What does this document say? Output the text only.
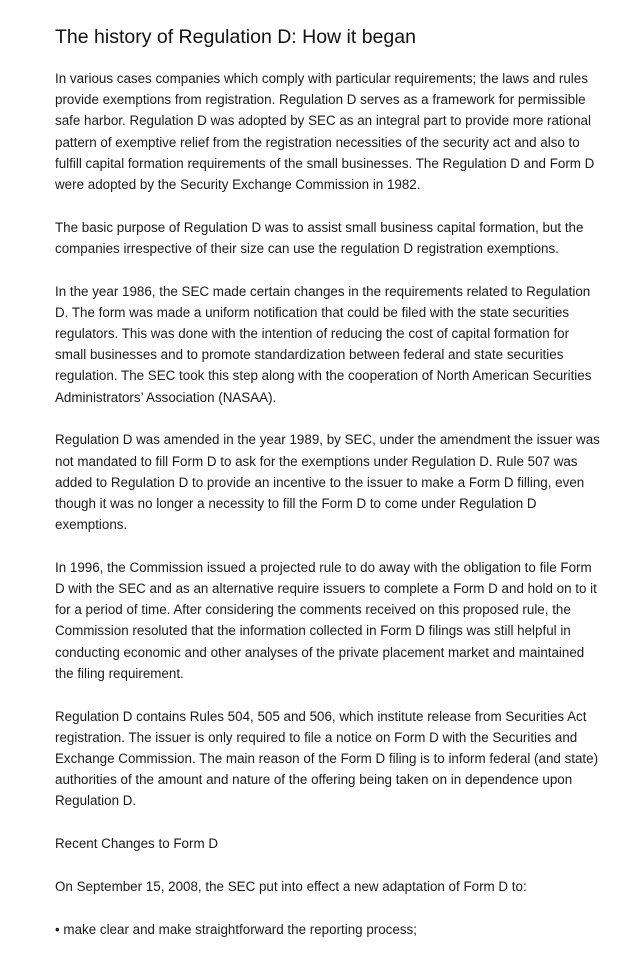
The history of Regulation D: How it began

In various cases companies which comply with particular requirements; the laws and rules provide exemptions from registration. Regulation D serves as a framework for permissible safe harbor. Regulation D was adopted by SEC as an integral part to provide more rational pattern of exemptive relief from the registration necessities of the security act and also to fulfill capital formation requirements of the small businesses. The Regulation D and Form D were adopted by the Security Exchange Commission in 1982.

The basic purpose of Regulation D was to assist small business capital formation, but the companies irrespective of their size can use the regulation D registration exemptions.

In the year 1986, the SEC made certain changes in the requirements related to Regulation D. The form was made a uniform notification that could be filed with the state securities regulators. This was done with the intention of reducing the cost of capital formation for small businesses and to promote standardization between federal and state securities regulation. The SEC took this step along with the cooperation of North American Securities Administrators’ Association (NASAA).

Regulation D was amended in the year 1989, by SEC, under the amendment the issuer was not mandated to fill Form D to ask for the exemptions under Regulation D. Rule 507 was added to Regulation D to provide an incentive to the issuer to make a Form D filling, even though it was no longer a necessity to fill the Form D to come under Regulation D exemptions.

In 1996, the Commission issued a projected rule to do away with the obligation to file Form D with the SEC and as an alternative require issuers to complete a Form D and hold on to it for a period of time. After considering the comments received on this proposed rule, the Commission resoluted that the information collected in Form D filings was still helpful in conducting economic and other analyses of the private placement market and maintained the filing requirement.

Regulation D contains Rules 504, 505 and 506, which institute release from Securities Act registration. The issuer is only required to file a notice on Form D with the Securities and Exchange Commission. The main reason of the Form D filing is to inform federal (and state) authorities of the amount and nature of the offering being taken on in dependence upon Regulation D.

Recent Changes to Form D

On September 15, 2008, the SEC put into effect a new adaptation of Form D to:

• make clear and make straightforward the reporting process;
